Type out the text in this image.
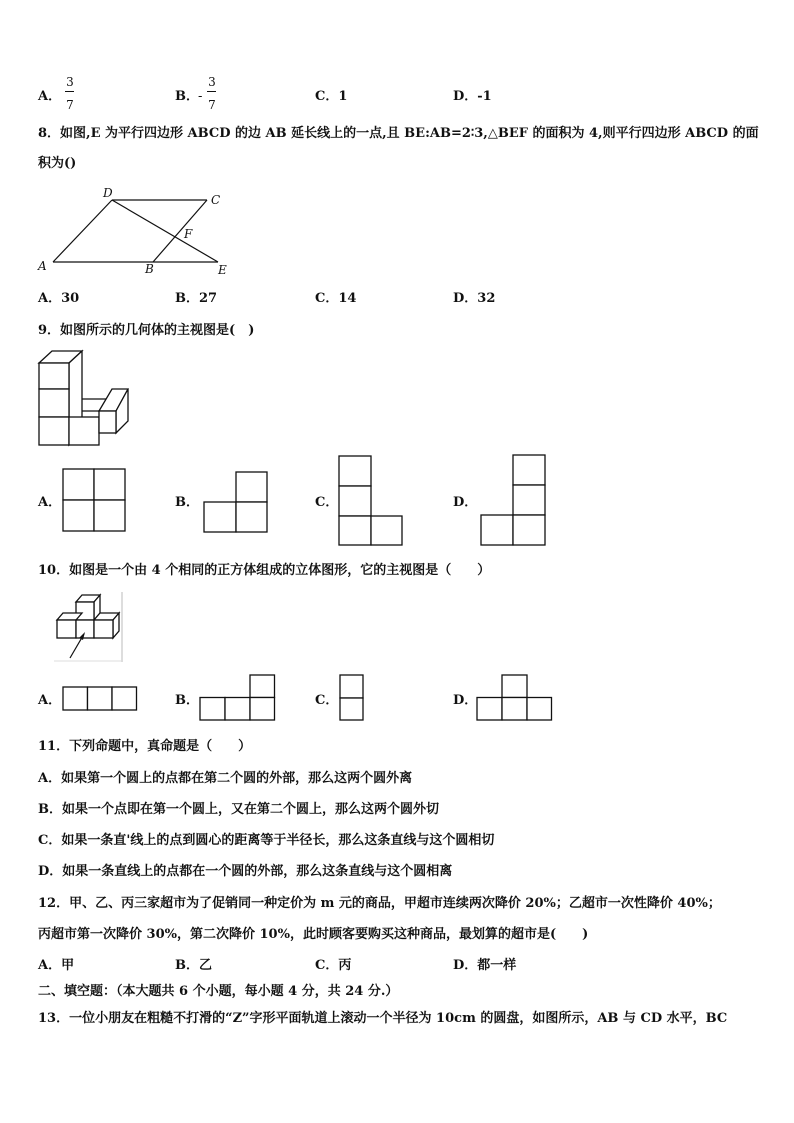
A．
3
7
B． -
3
7
C．1	D．-1
8．如图,E 为平行四边形 ABCD 的边 AB 延长线上的一点,且 BE:AB=2∶3,△BEF 的面积为 4,则平行四边形 ABCD 的面
积为()
D	C
F
A	B	E
A．30	B．27	C．14	D．32
9．如图所示的几何体的主视图是(　)
A．	B．	C．	D．
10．如图是一个由 4 个相同的正方体组成的立体图形，它的主视图是（　　）
A．	B．	C．	D．
11．下列命题中，真命题是（　　）
A．如果第一个圆上的点都在第二个圆的外部，那么这两个圆外离
B．如果一个点即在第一个圆上，又在第二个圆上，那么这两个圆外切
C．如果一条直'线上的点到圆心的距离等于半径长，那么这条直线与这个圆相切
D．如果一条直线上的点都在一个圆的外部，那么这条直线与这个圆相离
12．甲、乙、丙三家超市为了促销同一种定价为 m 元的商品，甲超市连续两次降价 20%；乙超市一次性降价 40%；
丙超市第一次降价 30%，第二次降价 10%，此时顾客要购买这种商品，最划算的超市是(　　)
A．甲	B．乙	C．丙	D．都一样
二、填空题：（本大题共 6 个小题，每小题 4 分，共 24 分.）
13．一位小朋友在粗糙不打滑的“Z”字形平面轨道上滚动一个半径为 10cm 的圆盘，如图所示，AB 与 CD 水平，BC
